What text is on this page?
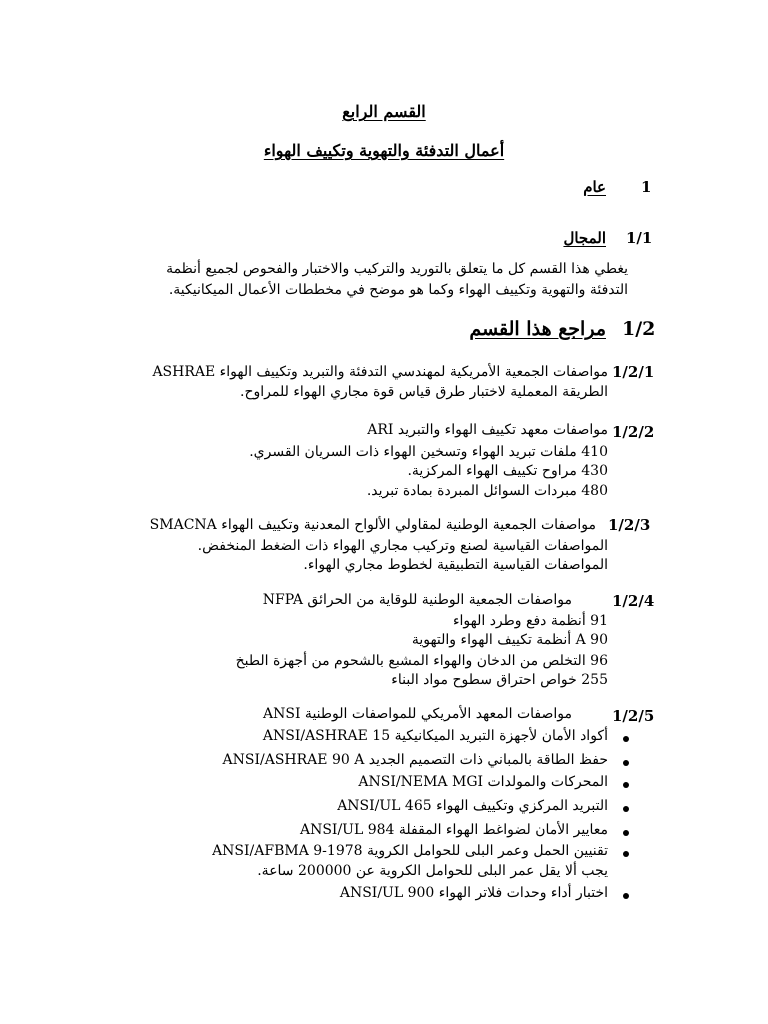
القسم الرابع
أعمال التدفئة والتهوية وتكييف الهواء
1
عام
1/1
المجال
يغطي هذا القسم كل ما يتعلق بالتوريد والتركيب والاختبار والفحوص لجميع أنظمة
التدفئة والتهوية وتكييف الهواء وكما هو موضح في مخططات الأعمال الميكانيكية.
1/2
مراجع هذا القسم
1/2/1
مواصفات الجمعية الأمريكية لمهندسي التدفئة والتبريد وتكييف الهواء ASHRAE
الطريقة المعملية لاختبار طرق قياس قوة مجاري الهواء للمراوح.
1/2/2
مواصفات معهد تكييف الهواء والتبريد ARI
410 ملفات تبريد الهواء وتسخين الهواء ذات السريان القسري.
430 مراوح تكييف الهواء المركزية.
480 مبردات السوائل المبردة بمادة تبريد.
1/2/3
مواصفات الجمعية الوطنية لمقاولي الألواح المعدنية وتكييف الهواء SMACNA
المواصفات القياسية لصنع وتركيب مجاري الهواء ذات الضغط المنخفض.
المواصفات القياسية التطبيقية لخطوط مجاري الهواء.
1/2/4
مواصفات الجمعية الوطنية للوقاية من الحرائق NFPA
91 أنظمة دفع وطرد الهواء
A 90 أنظمة تكييف الهواء والتهوية
96 التخلص من الدخان والهواء المشبع بالشحوم من أجهزة الطبخ
255 خواص احتراق سطوح مواد البناء
1/2/5
مواصفات المعهد الأمريكي للمواصفات الوطنية ANSI
أكواد الأمان لأجهزة التبريد الميكانيكية ANSI/ASHRAE 15
حفظ الطاقة بالمباني ذات التصميم الجديد ANSI/ASHRAE 90 A
المحركات والمولدات ANSI/NEMA MGI
التبريد المركزي وتكييف الهواء ANSI/UL 465
معايير الأمان لضواغط الهواء المقفلة ANSI/UL 984
تقنيين الحمل وعمر البلى للحوامل الكروية ANSI/AFBMA 9-1978
يجب ألا يقل عمر البلى للحوامل الكروية عن 200000 ساعة.
اختبار أداء وحدات فلاتر الهواء ANSI/UL 900
